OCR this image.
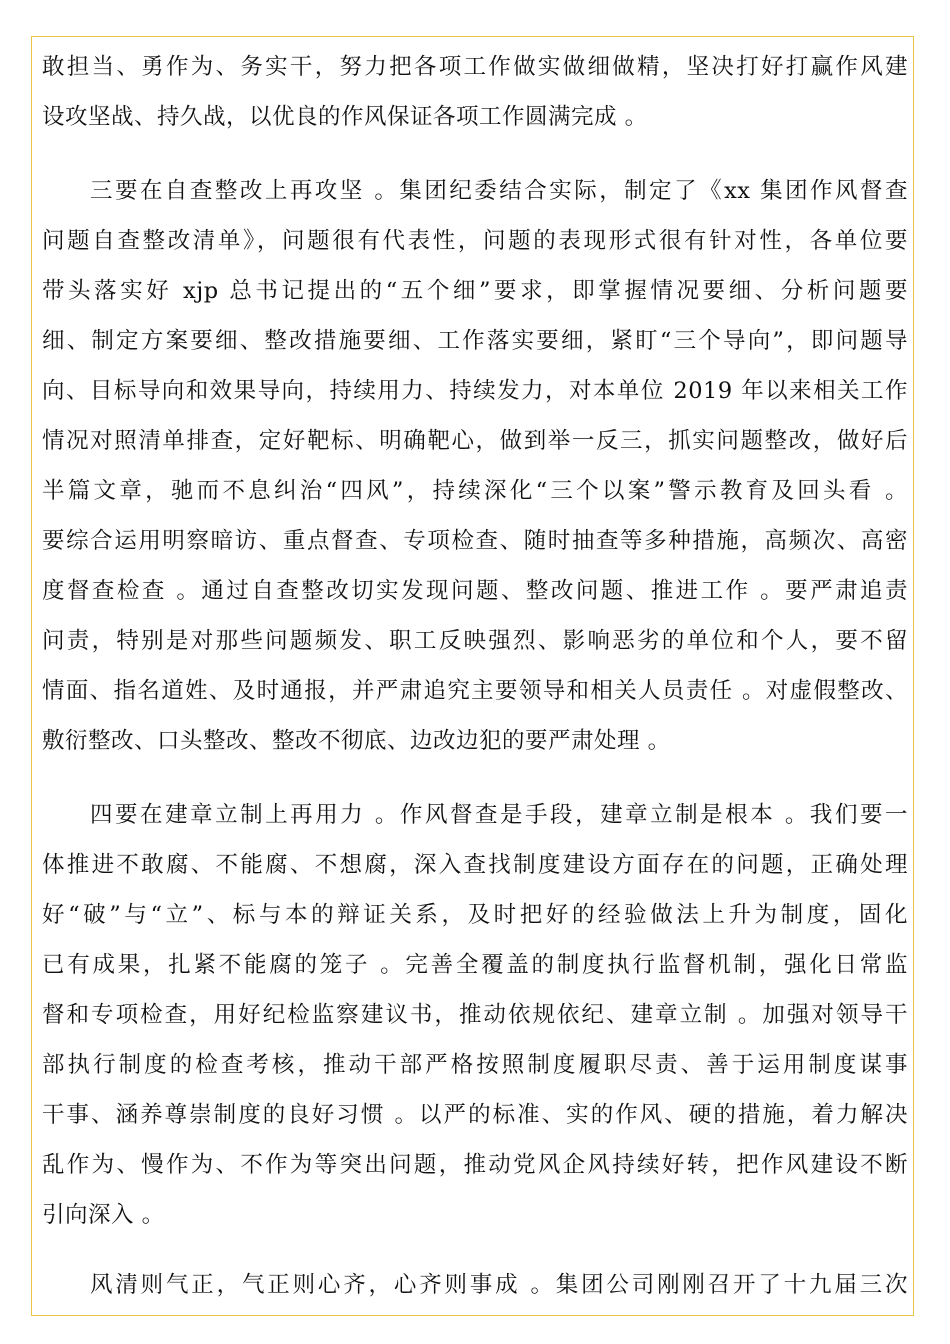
敢担当、勇作为、务实干，努力把各项工作做实做细做精，坚决打好打赢作风建
设攻坚战、持久战，以优良的作风保证各项工作圆满完成 。
三要在自查整改上再攻坚 。集团纪委结合实际，制定了《xx 集团作风督查
问题自查整改清单》，问题很有代表性，问题的表现形式很有针对性，各单位要
带头落实好 xjp 总书记提出的“五个细”要求，即掌握情况要细、分析问题要
细、制定方案要细、整改措施要细、工作落实要细，紧盯“三个导向”，即问题导
向、目标导向和效果导向，持续用力、持续发力，对本单位 2019 年以来相关工作
情况对照清单排查，定好靶标、明确靶心，做到举一反三，抓实问题整改，做好后
半篇文章，驰而不息纠治“四风”，持续深化“三个以案”警示教育及回头看 。
要综合运用明察暗访、重点督查、专项检查、随时抽查等多种措施，高频次、高密
度督查检查 。通过自查整改切实发现问题、整改问题、推进工作 。要严肃追责
问责，特别是对那些问题频发、职工反映强烈、影响恶劣的单位和个人，要不留
情面、指名道姓、及时通报，并严肃追究主要领导和相关人员责任 。对虚假整改、
敷衍整改、口头整改、整改不彻底、边改边犯的要严肃处理 。
四要在建章立制上再用力 。作风督查是手段，建章立制是根本 。我们要一
体推进不敢腐、不能腐、不想腐，深入查找制度建设方面存在的问题，正确处理
好“破”与“立”、标与本的辩证关系，及时把好的经验做法上升为制度，固化
已有成果，扎紧不能腐的笼子 。完善全覆盖的制度执行监督机制，强化日常监
督和专项检查，用好纪检监察建议书，推动依规依纪、建章立制 。加强对领导干
部执行制度的检查考核，推动干部严格按照制度履职尽责、善于运用制度谋事
干事、涵养尊崇制度的良好习惯 。以严的标准、实的作风、硬的措施，着力解决
乱作为、慢作为、不作为等突出问题，推动党风企风持续好转，把作风建设不断
引向深入 。
风清则气正，气正则心齐，心齐则事成 。集团公司刚刚召开了十九届三次
